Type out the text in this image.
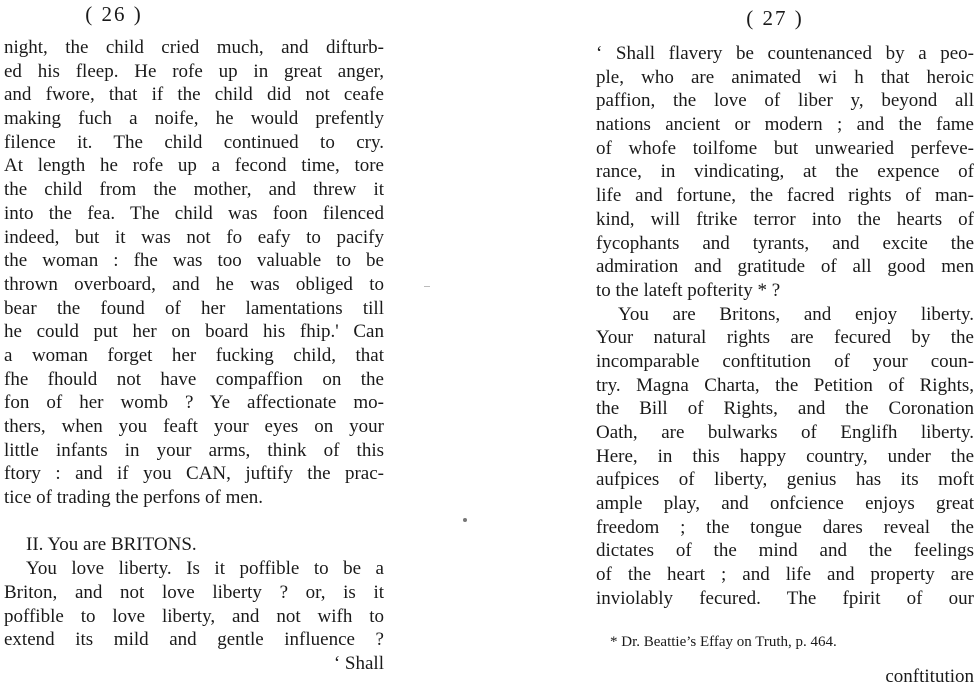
( 26 )
night, the child cried much, and difturb-
ed his fleep. He rofe up in great anger,
and fwore, that if the child did not ceafe
making fuch a noife, he would prefently
filence it. The child continued to cry.
At length he rofe up a fecond time, tore
the child from the mother, and threw it
into the fea. The child was foon filenced
indeed, but it was not fo eafy to pacify
the woman : fhe was too valuable to be
thrown overboard, and he was obliged to
bear the found of her lamentations till
he could put her on board his fhip.' Can
a woman forget her fucking child, that
fhe fhould not have compaffion on the
fon of her womb ? Ye affectionate mo-
thers, when you feaft your eyes on your
little infants in your arms, think of this
ftory : and if you CAN, juftify the prac-
tice of trading the perfons of men.
II. You are BRITONS.
You love liberty. Is it poffible to be a
Briton, and not love liberty ? or, is it
poffible to love liberty, and not wifh to
extend its mild and gentle influence ?
‘ Shall
( 27 )
‘ Shall flavery be countenanced by a peo-
ple, who are animated wi h that heroic
paffion, the love of liber y, beyond all
nations ancient or modern ; and the fame
of whofe toilfome but unwearied perfeve-
rance, in vindicating, at the expence of
life and fortune, the facred rights of man-
kind, will ftrike terror into the hearts of
fycophants and tyrants, and excite the
admiration and gratitude of all good men
to the lateft pofterity * ?
You are Britons, and enjoy liberty.
Your natural rights are fecured by the
incomparable conftitution of your coun-
try. Magna Charta, the Petition of Rights,
the Bill of Rights, and the Coronation
Oath, are bulwarks of Englifh liberty.
Here, in this happy country, under the
aufpices of liberty, genius has its moft
ample play, and onfcience enjoys great
freedom ; the tongue dares reveal the
dictates of the mind and the feelings
of the heart ; and life and property are
inviolably fecured. The fpirit of our
* Dr. Beattie’s Effay on Truth, p. 464.
conftitution
